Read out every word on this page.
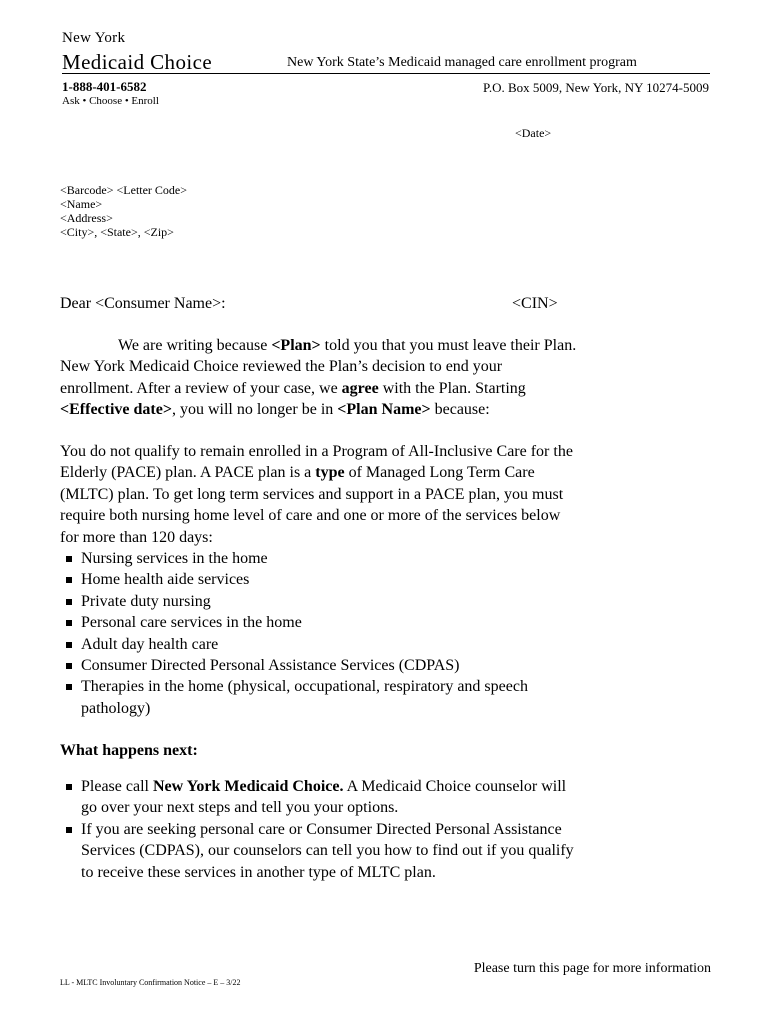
New York
Medicaid Choice	New York State’s Medicaid managed care enrollment program
1-888-401-6582
Ask • Choose • Enroll
P.O. Box 5009, New York, NY 10274-5009
<Date>
<Barcode> <Letter Code>
<Name>
<Address>
<City>, <State>, <Zip>
Dear <Consumer Name>:	<CIN>
We are writing because <Plan> told you that you must leave their Plan.
New York Medicaid Choice reviewed the Plan’s decision to end your
enrollment. After a review of your case, we agree with the Plan. Starting
<Effective date>, you will no longer be in <Plan Name> because:
You do not qualify to remain enrolled in a Program of All-Inclusive Care for the
Elderly (PACE) plan. A PACE plan is a type of Managed Long Term Care
(MLTC) plan. To get long term services and support in a PACE plan, you must
require both nursing home level of care and one or more of the services below
for more than 120 days:
Nursing services in the home
Home health aide services
Private duty nursing
Personal care services in the home
Adult day health care
Consumer Directed Personal Assistance Services (CDPAS)
Therapies in the home (physical, occupational, respiratory and speech
pathology)
What happens next:
Please call New York Medicaid Choice. A Medicaid Choice counselor will
go over your next steps and tell you your options.
If you are seeking personal care or Consumer Directed Personal Assistance
Services (CDPAS), our counselors can tell you how to find out if you qualify
to receive these services in another type of MLTC plan.
Please turn this page for more information
LL - MLTC Involuntary Confirmation Notice – E – 3/22
